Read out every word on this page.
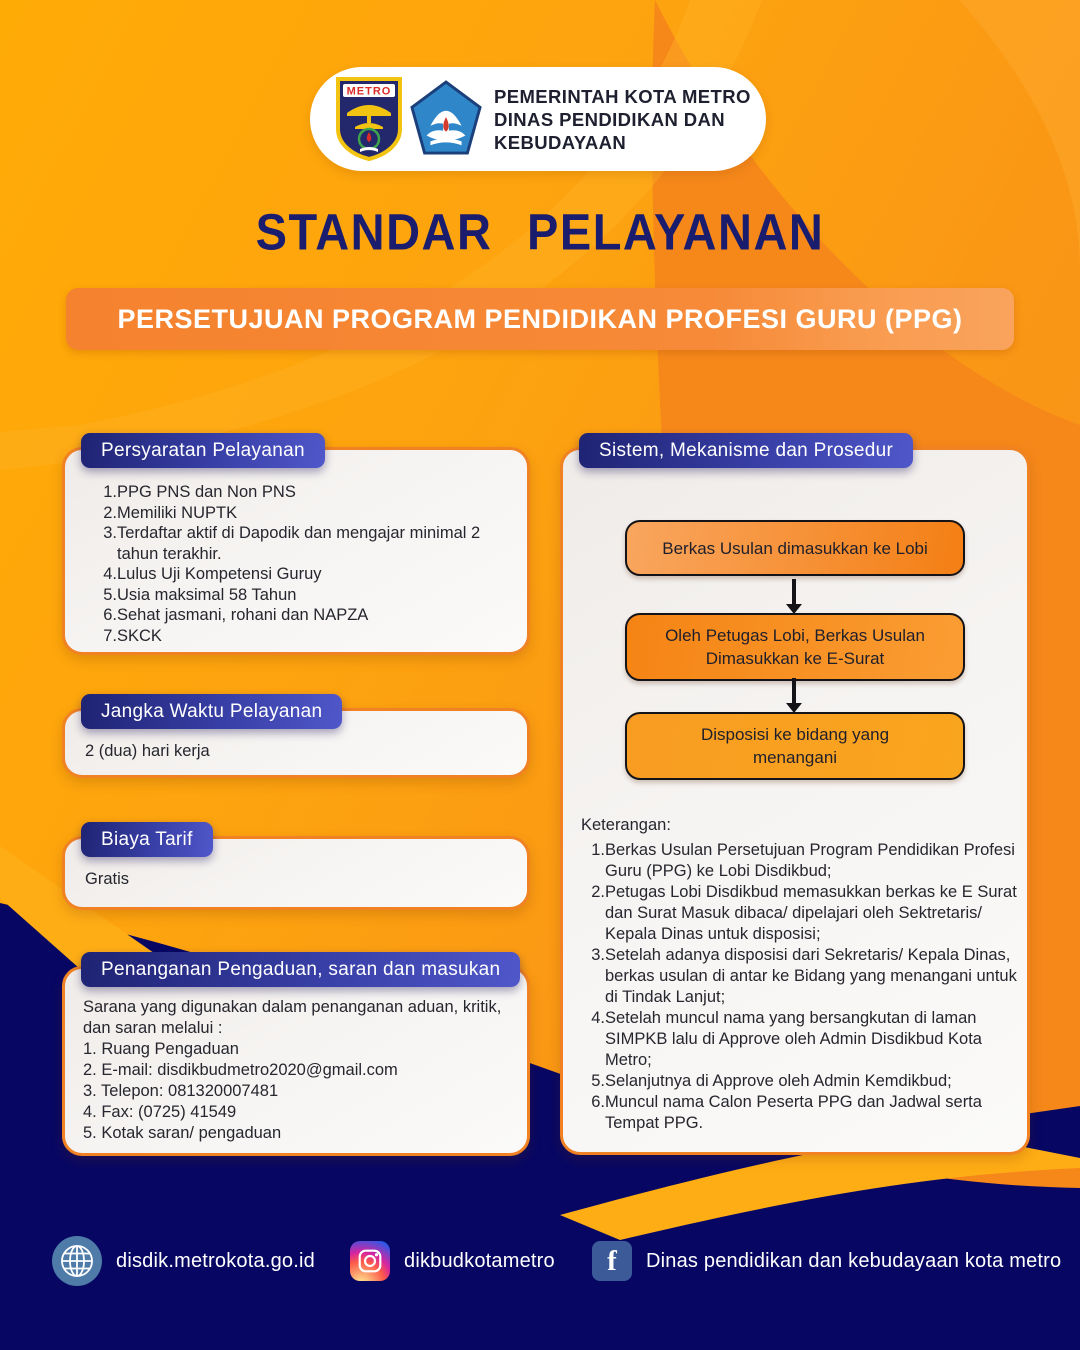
METRO	PEMERINTAH KOTA METRO
DINAS PENDIDIKAN DAN
KEBUDAYAAN
STANDAR PELAYANAN
PERSETUJUAN PROGRAM PENDIDIKAN PROFESI GURU (PPG)
Persyaratan Pelayanan
1.PPG PNS dan Non PNS
2.Memiliki NUPTK
3.Terdaftar aktif di Dapodik dan mengajar minimal 2 tahun terakhir.
4.Lulus Uji Kompetensi Guruy
5.Usia maksimal 58 Tahun
6.Sehat jasmani, rohani dan NAPZA
7.SKCK
Jangka Waktu Pelayanan
2 (dua) hari kerja
Biaya Tarif
Gratis
Penanganan Pengaduan, saran dan masukan
Sarana yang digunakan dalam penanganan aduan, kritik, dan saran melalui :
1. Ruang Pengaduan
2. E-mail: disdikbudmetro2020@gmail.com
3. Telepon: 081320007481
4. Fax: (0725) 41549
5. Kotak saran/ pengaduan
Sistem, Mekanisme dan Prosedur
Berkas Usulan dimasukkan ke Lobi
Oleh Petugas Lobi, Berkas Usulan Dimasukkan ke E-Surat
Disposisi ke bidang yang menangani
Keterangan:
1.Berkas Usulan Persetujuan Program Pendidikan Profesi Guru (PPG) ke Lobi Disdikbud;
2.Petugas Lobi Disdikbud memasukkan berkas ke E Surat dan Surat Masuk dibaca/ dipelajari oleh Sektretaris/ Kepala Dinas untuk disposisi;
3.Setelah adanya disposisi dari Sekretaris/ Kepala Dinas, berkas usulan di antar ke Bidang yang menangani untuk di Tindak Lanjut;
4.Setelah muncul nama yang bersangkutan di laman SIMPKB lalu di Approve oleh Admin Disdikbud Kota Metro;
5.Selanjutnya di Approve oleh Admin Kemdikbud;
6.Muncul nama Calon Peserta PPG dan Jadwal serta Tempat PPG.
disdik.metrokota.go.id	dikbudkotametro	f	Dinas pendidikan dan kebudayaan kota metro
